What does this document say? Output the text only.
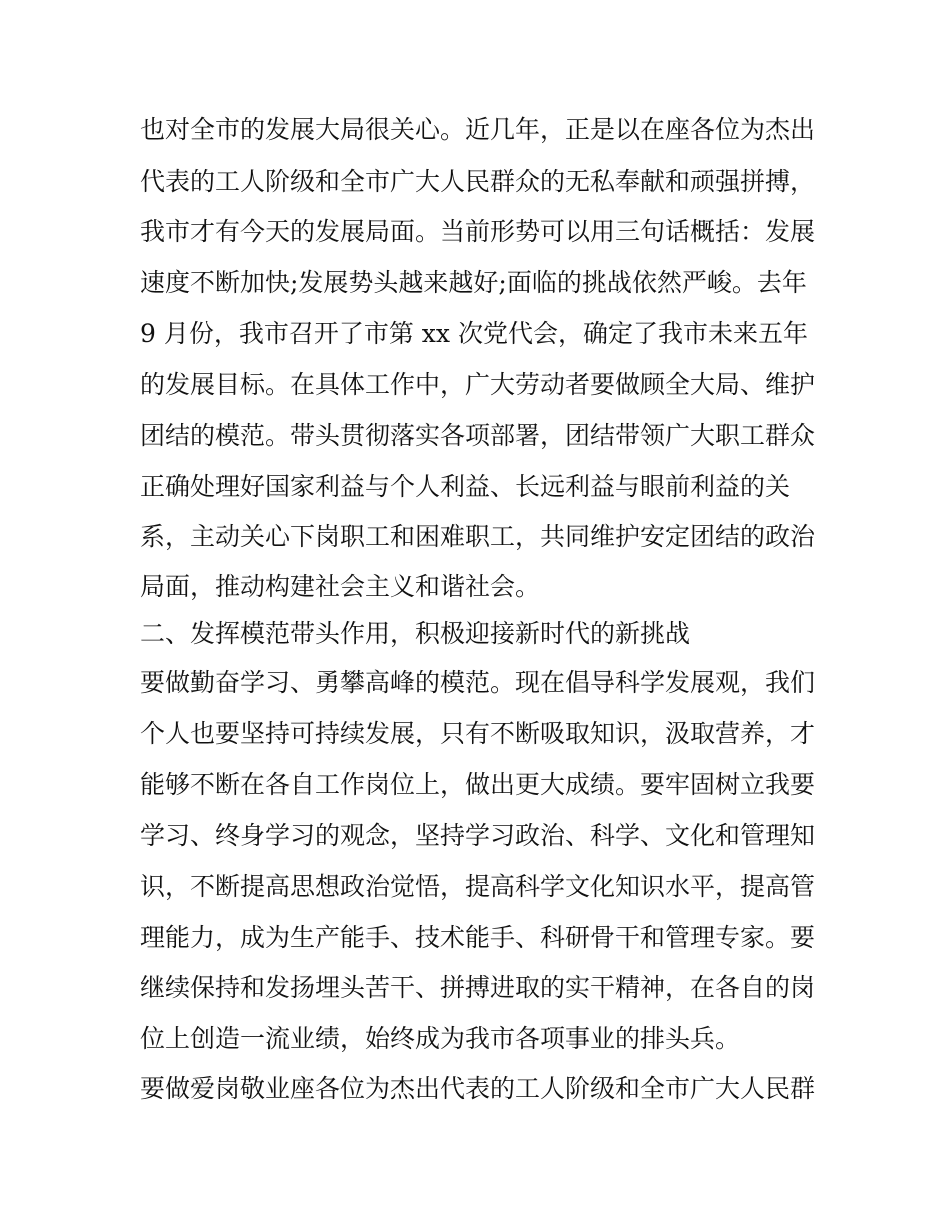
也对全市的发展大局很关心。近几年，正是以在座各位为杰出

代表的工人阶级和全市广大人民群众的无私奉献和顽强拼搏，

我市才有今天的发展局面。当前形势可以用三句话概括：发展

速度不断加快;发展势头越来越好;面临的挑战依然严峻。去年

9 月份，我市召开了市第 xx 次党代会，确定了我市未来五年

的发展目标。在具体工作中，广大劳动者要做顾全大局、维护

团结的模范。带头贯彻落实各项部署，团结带领广大职工群众

正确处理好国家利益与个人利益、长远利益与眼前利益的关

系，主动关心下岗职工和困难职工，共同维护安定团结的政治

局面，推动构建社会主义和谐社会。

二、发挥模范带头作用，积极迎接新时代的新挑战

要做勤奋学习、勇攀高峰的模范。现在倡导科学发展观，我们

个人也要坚持可持续发展，只有不断吸取知识，汲取营养，才

能够不断在各自工作岗位上，做出更大成绩。要牢固树立我要

学习、终身学习的观念，坚持学习政治、科学、文化和管理知

识，不断提高思想政治觉悟，提高科学文化知识水平，提高管

理能力，成为生产能手、技术能手、科研骨干和管理专家。要

继续保持和发扬埋头苦干、拼搏进取的实干精神，在各自的岗

位上创造一流业绩，始终成为我市各项事业的排头兵。

要做爱岗敬业座各位为杰出代表的工人阶级和全市广大人民群
